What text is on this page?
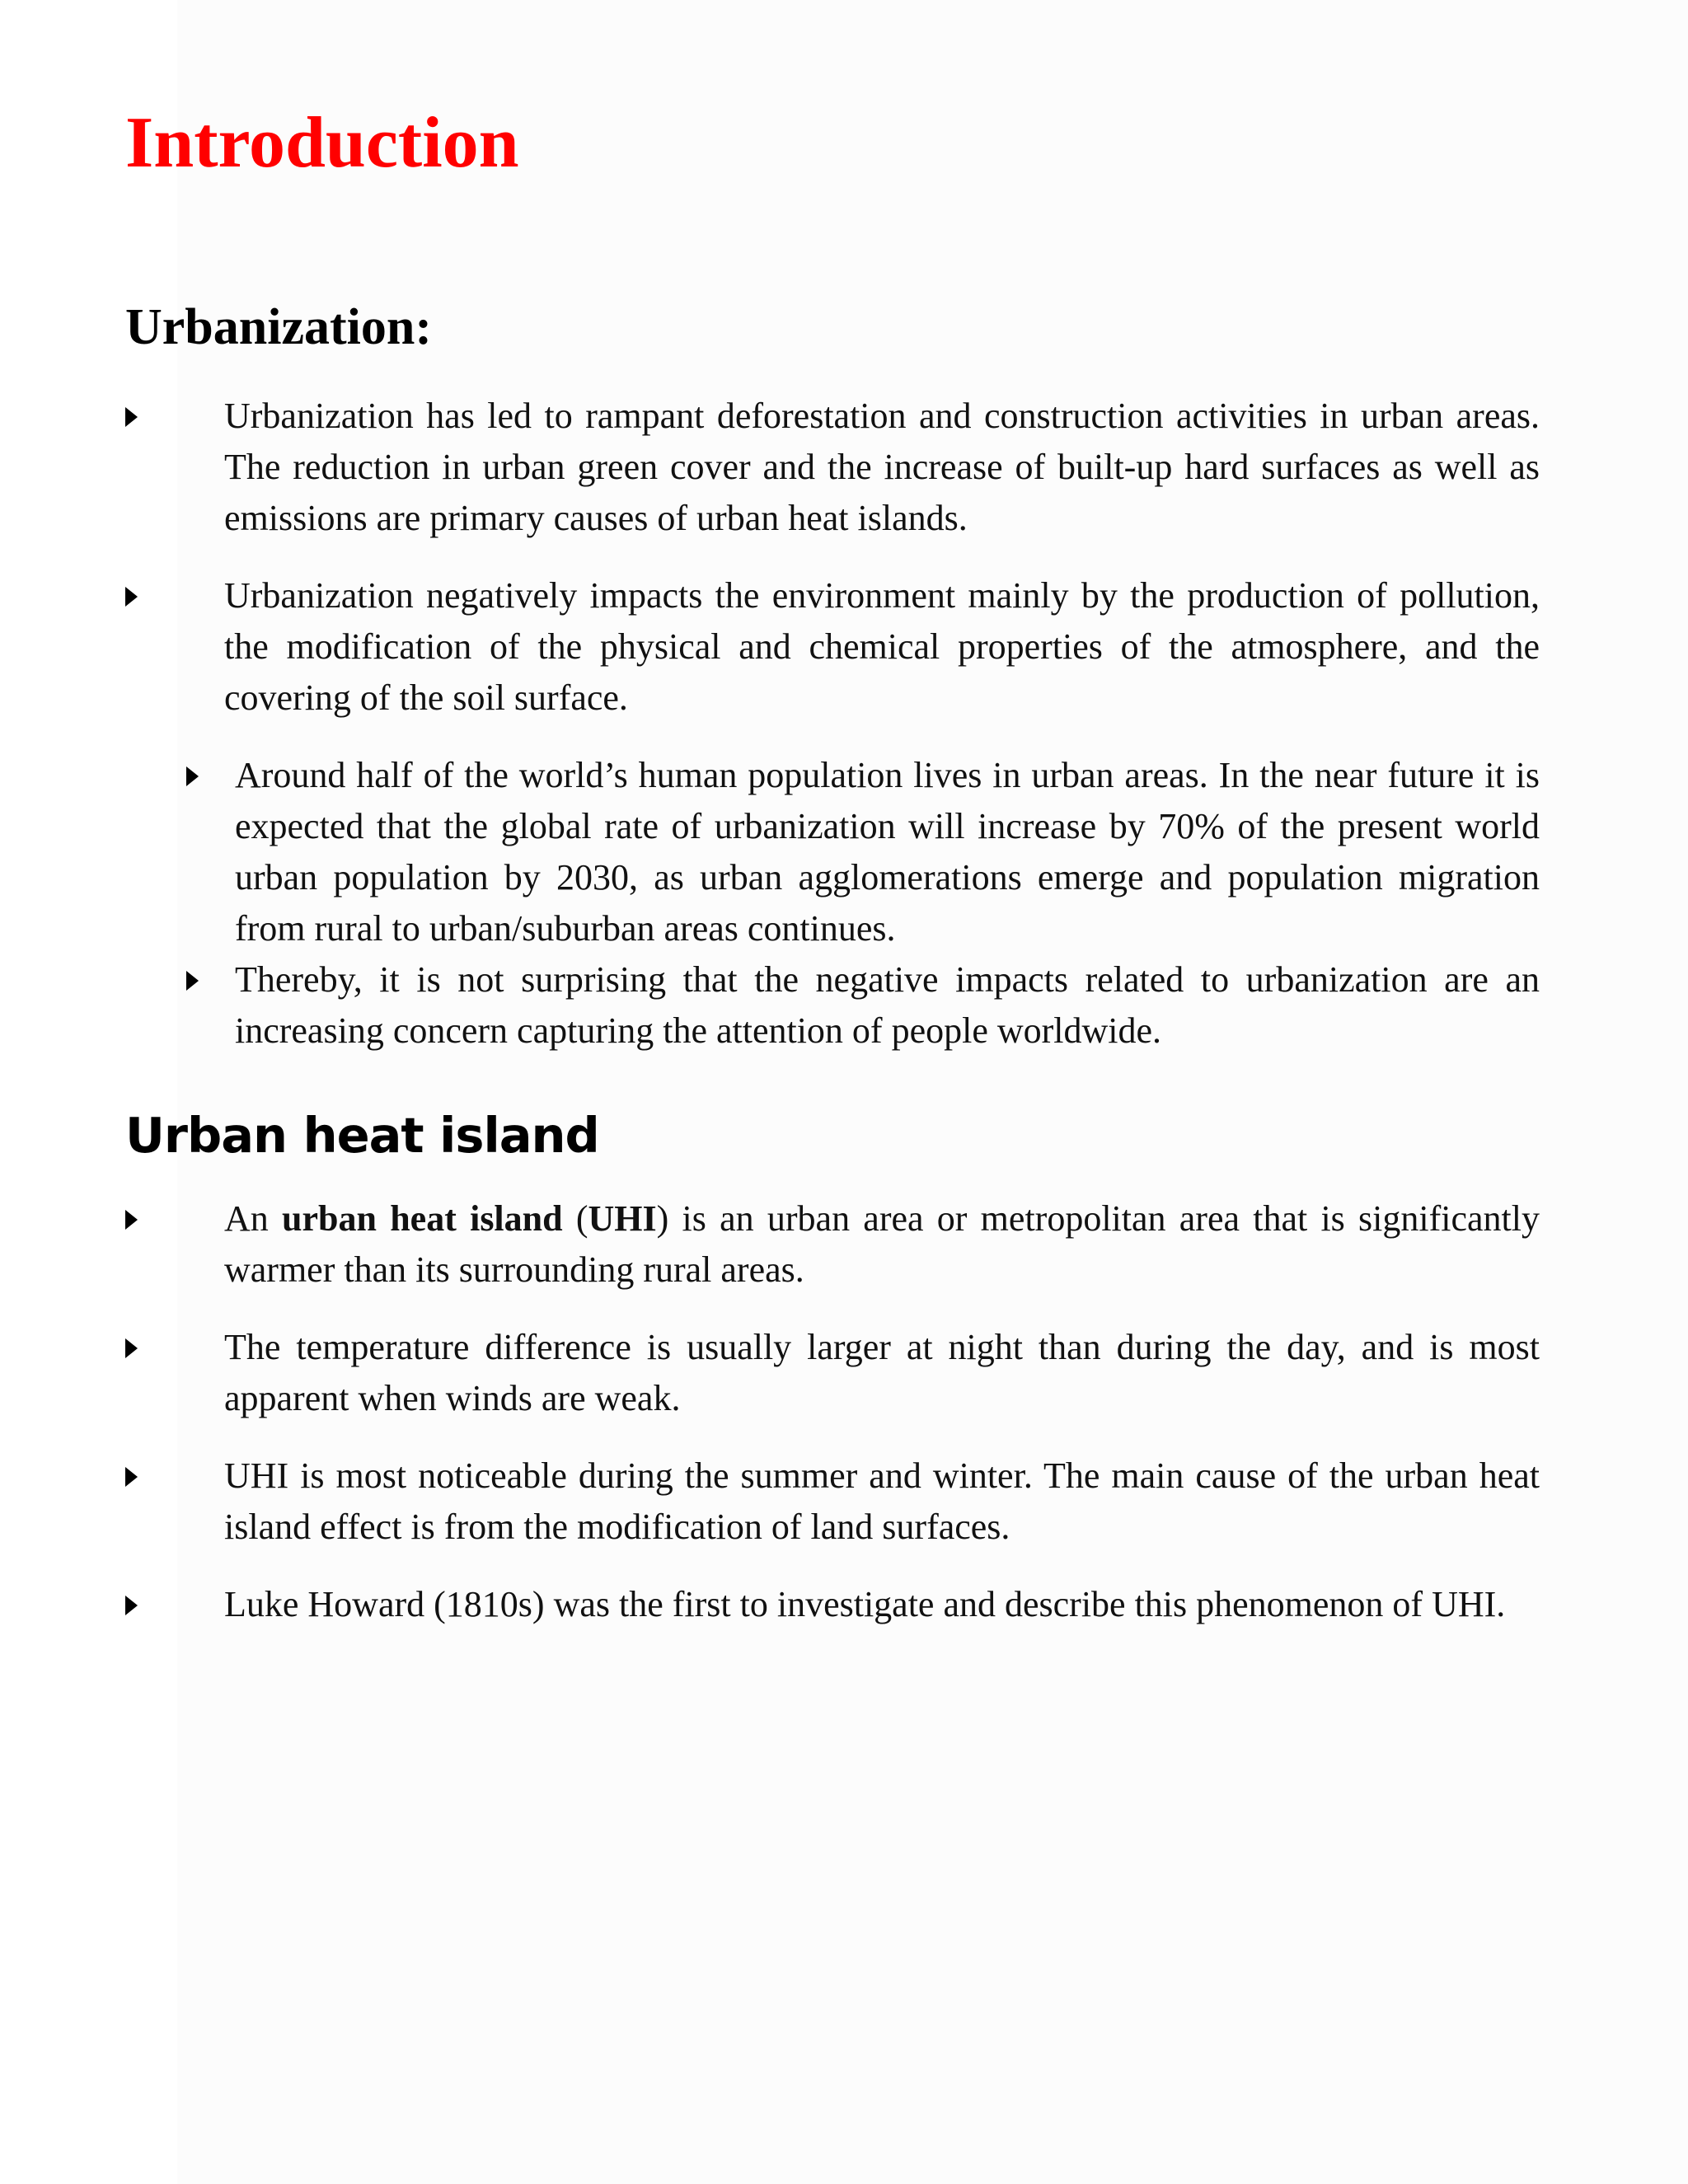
Introduction
Urbanization:
Urbanization has led to rampant deforestation and construction activities in urban areas. The reduction in urban green cover and the increase of built-up hard surfaces as well as emissions are primary causes of urban heat islands.
Urbanization negatively impacts the environment mainly by the production of pollution, the modification of the physical and chemical properties of the atmosphere, and the covering of the soil surface.
Around half of the world’s human population lives in urban areas. In the near future it is expected that the global rate of urbanization will increase by 70% of the present world urban population by 2030, as urban agglomerations emerge and population migration from rural to urban/suburban areas continues.
Thereby, it is not surprising that the negative impacts related to urbanization are an increasing concern capturing the attention of people worldwide.
Urban heat island
An urban heat island (UHI) is an urban area or metropolitan area that is significantly warmer than its surrounding rural areas.
The temperature difference is usually larger at night than during the day, and is most apparent when winds are weak.
UHI is most noticeable during the summer and winter. The main cause of the urban heat island effect is from the modification of land surfaces.
Luke Howard (1810s) was the first to investigate and describe this phenomenon of UHI.
